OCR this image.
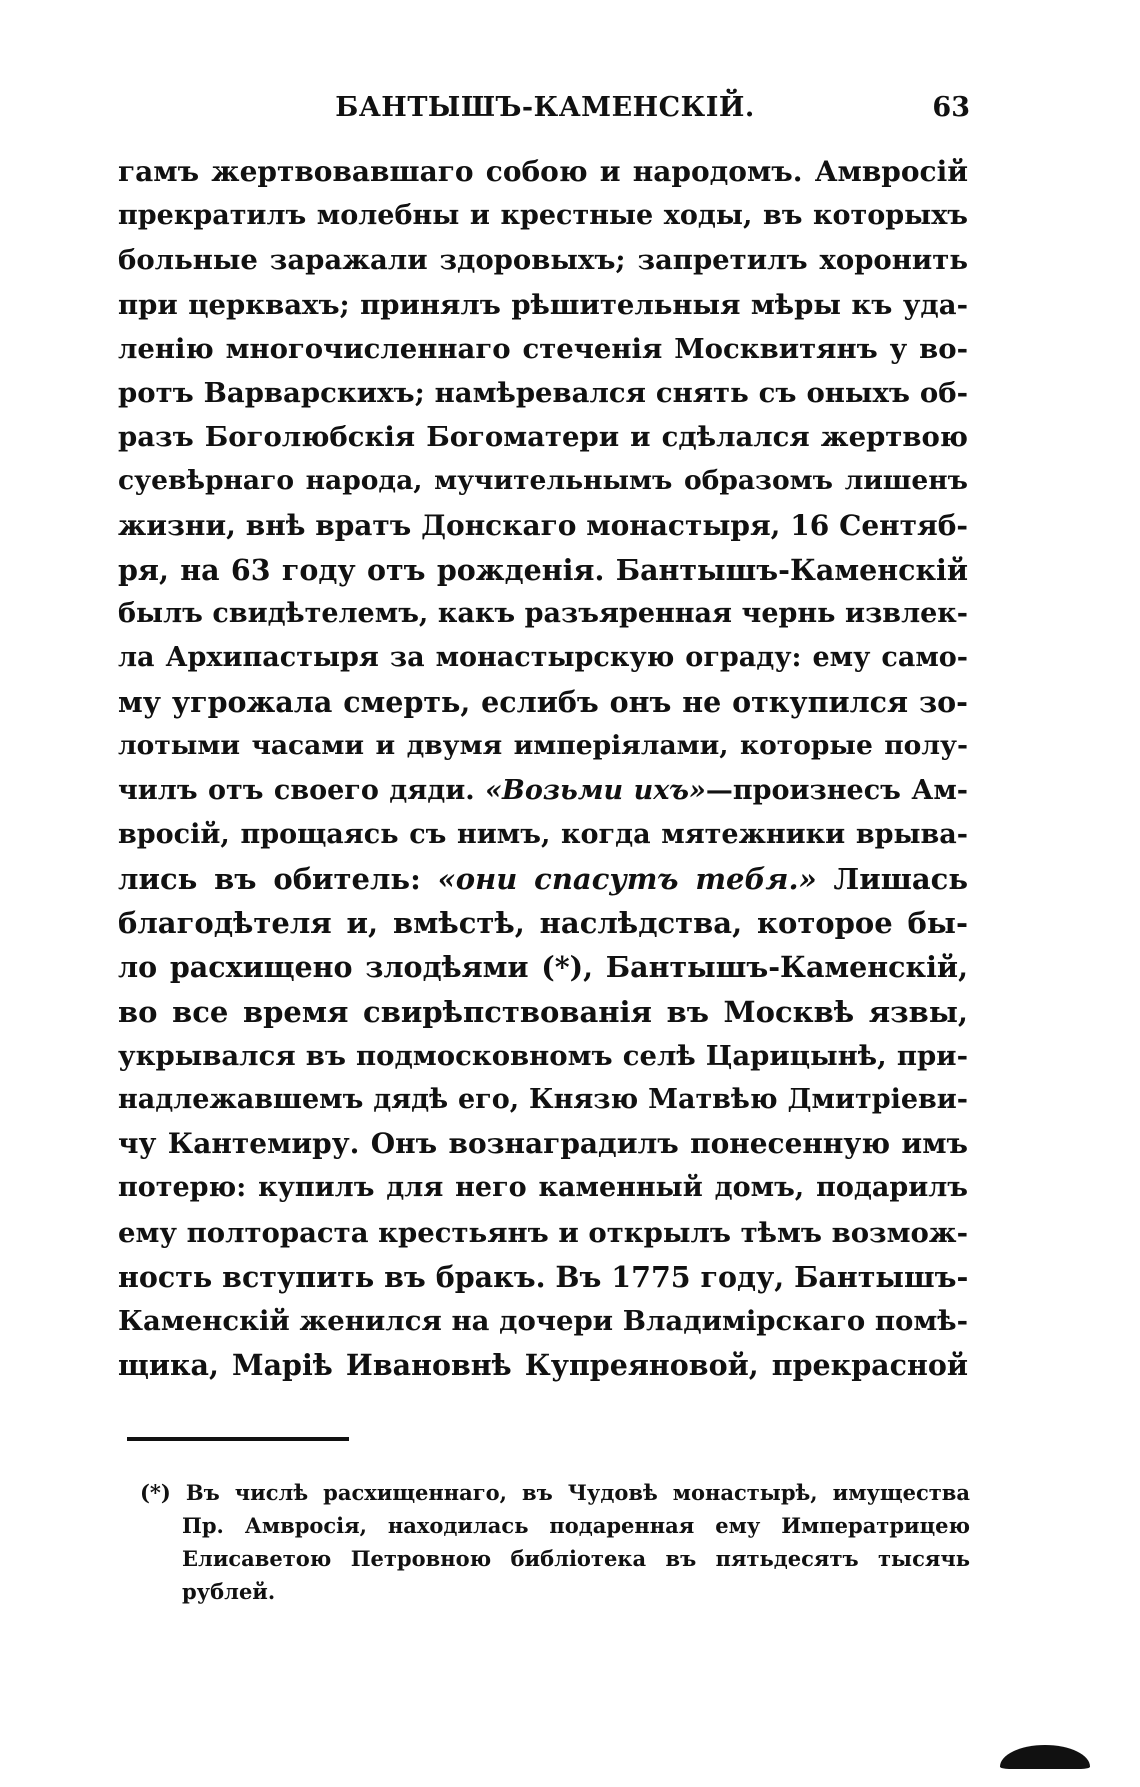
БАНТЫШЪ-КАМЕНСКІЙ.	63
гамъ жертвовавшаго собою и народомъ. Амвросій
прекратилъ молебны и крестные ходы, въ которыхъ
больные заражали здоровыхъ; запретилъ хоронить
при церквахъ; принялъ рѣшительныя мѣры къ уда-
ленію многочисленнаго стеченія Москвитянъ у во-
ротъ Варварскихъ; намѣревался снять съ оныхъ об-
разъ Боголюбскія Богоматери и сдѣлался жертвою
суевѣрнаго народа, мучительнымъ образомъ лишенъ
жизни, внѣ вратъ Донскаго монастыря, 16 Сентяб-
ря, на 63 году отъ рожденія. Бантышъ-Каменскій
былъ свидѣтелемъ, какъ разъяренная чернь извлек-
ла Архипастыря за монастырскую ограду: ему само-
му угрожала смерть, еслибъ онъ не откупился зо-
лотыми часами и двумя имперіялами, которые полу-
чилъ отъ своего дяди. «Возьми ихъ»—произнесъ Ам-
вросій, прощаясь съ нимъ, когда мятежники врыва-
лись въ обитель: «они спасутъ тебя.» Лишась
благодѣтеля и, вмѣстѣ, наслѣдства, которое бы-
ло расхищено злодѣями (*), Бантышъ-Каменскій,
во все время свирѣпствованія въ Москвѣ язвы,
укрывался въ подмосковномъ селѣ Царицынѣ, при-
надлежавшемъ дядѣ его, Князю Матвѣю Дмитріеви-
чу Кантемиру. Онъ вознаградилъ понесенную имъ
потерю: купилъ для него каменный домъ, подарилъ
ему полтораста крестьянъ и открылъ тѣмъ возмож-
ность вступить въ бракъ. Въ 1775 году, Бантышъ-
Каменскій женился на дочери Владимірскаго помѣ-
щика, Маріѣ Ивановнѣ Купреяновой, прекрасной
(*) Въ числѣ расхищеннаго, въ Чудовѣ монастырѣ, имущества
Пр. Амвросія, находилась подаренная ему Императрицею
Елисаветою Петровною библіотека въ пятьдесятъ тысячь
рублей.
